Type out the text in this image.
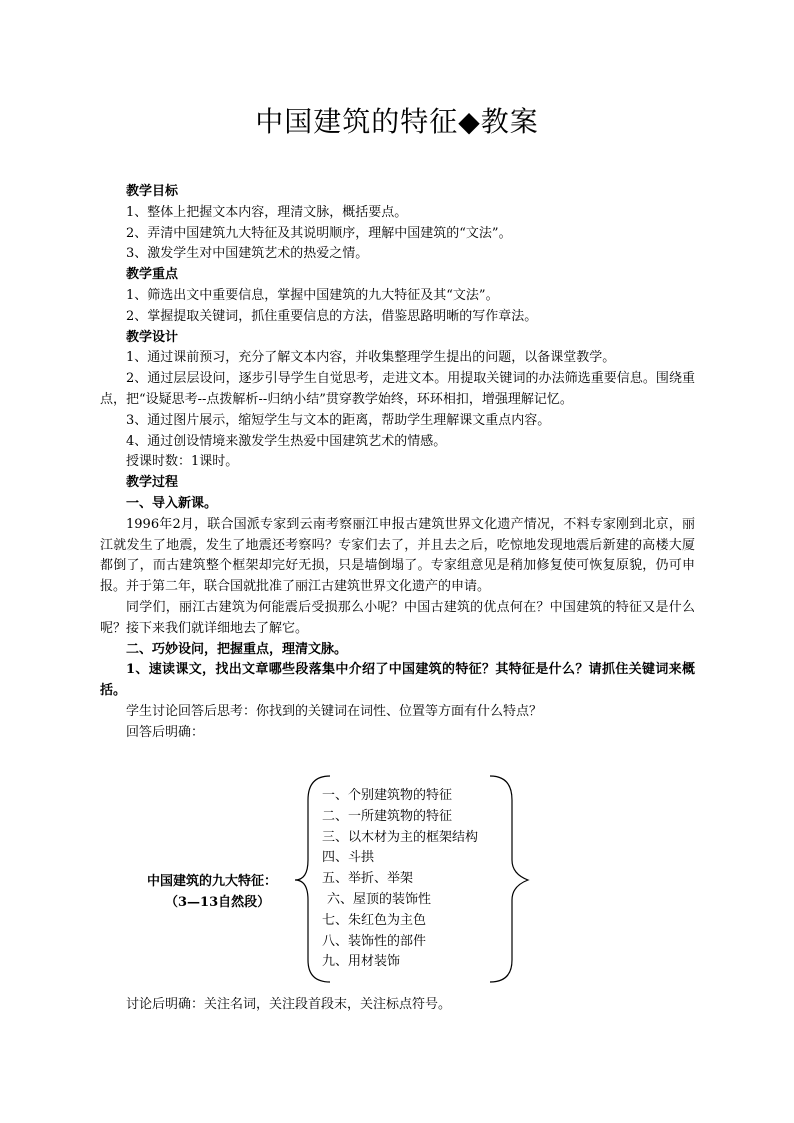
中国建筑的特征◆教案
教学目标
1、整体上把握文本内容，理清文脉，概括要点。
2、弄清中国建筑九大特征及其说明顺序，理解中国建筑的“文法”。
3、激发学生对中国建筑艺术的热爱之情。
教学重点
1、筛选出文中重要信息，掌握中国建筑的九大特征及其“文法”。
2、掌握提取关键词，抓住重要信息的方法，借鉴思路明晰的写作章法。
教学设计
1、通过课前预习，充分了解文本内容，并收集整理学生提出的问题，以备课堂教学。
2、通过层层设问，逐步引导学生自觉思考，走进文本。用提取关键词的办法筛选重要信息。围绕重点，把“设疑思考--点拨解析--归纳小结”贯穿教学始终，环环相扣，增强理解记忆。
3、通过图片展示，缩短学生与文本的距离，帮助学生理解课文重点内容。
4、通过创设情境来激发学生热爱中国建筑艺术的情感。
授课时数：1课时。
教学过程
一、导入新课。
1996年2月，联合国派专家到云南考察丽江申报古建筑世界文化遗产情况，不料专家刚到北京，丽江就发生了地震，发生了地震还考察吗？专家们去了，并且去之后，吃惊地发现地震后新建的高楼大厦都倒了，而古建筑整个框架却完好无损，只是墙倒塌了。专家组意见是稍加修复使可恢复原貌，仍可申报。并于第二年，联合国就批准了丽江古建筑世界文化遗产的申请。
同学们，丽江古建筑为何能震后受损那么小呢？中国古建筑的优点何在？中国建筑的特征又是什么呢？接下来我们就详细地去了解它。
二、巧妙设问，把握重点，理清文脉。
1、速读课文，找出文章哪些段落集中介绍了中国建筑的特征？其特征是什么？请抓住关键词来概括。
学生讨论回答后思考：你找到的关键词在词性、位置等方面有什么特点？
回答后明确：
中国建筑的九大特征：
（3—13自然段）
一、个别建筑物的特征
二、一所建筑物的特征
三、以木材为主的框架结构
四、斗拱
五、举折、举架
六、屋顶的装饰性
七、朱红色为主色
八、装饰性的部件
九、用材装饰
讨论后明确：关注名词，关注段首段末，关注标点符号。
